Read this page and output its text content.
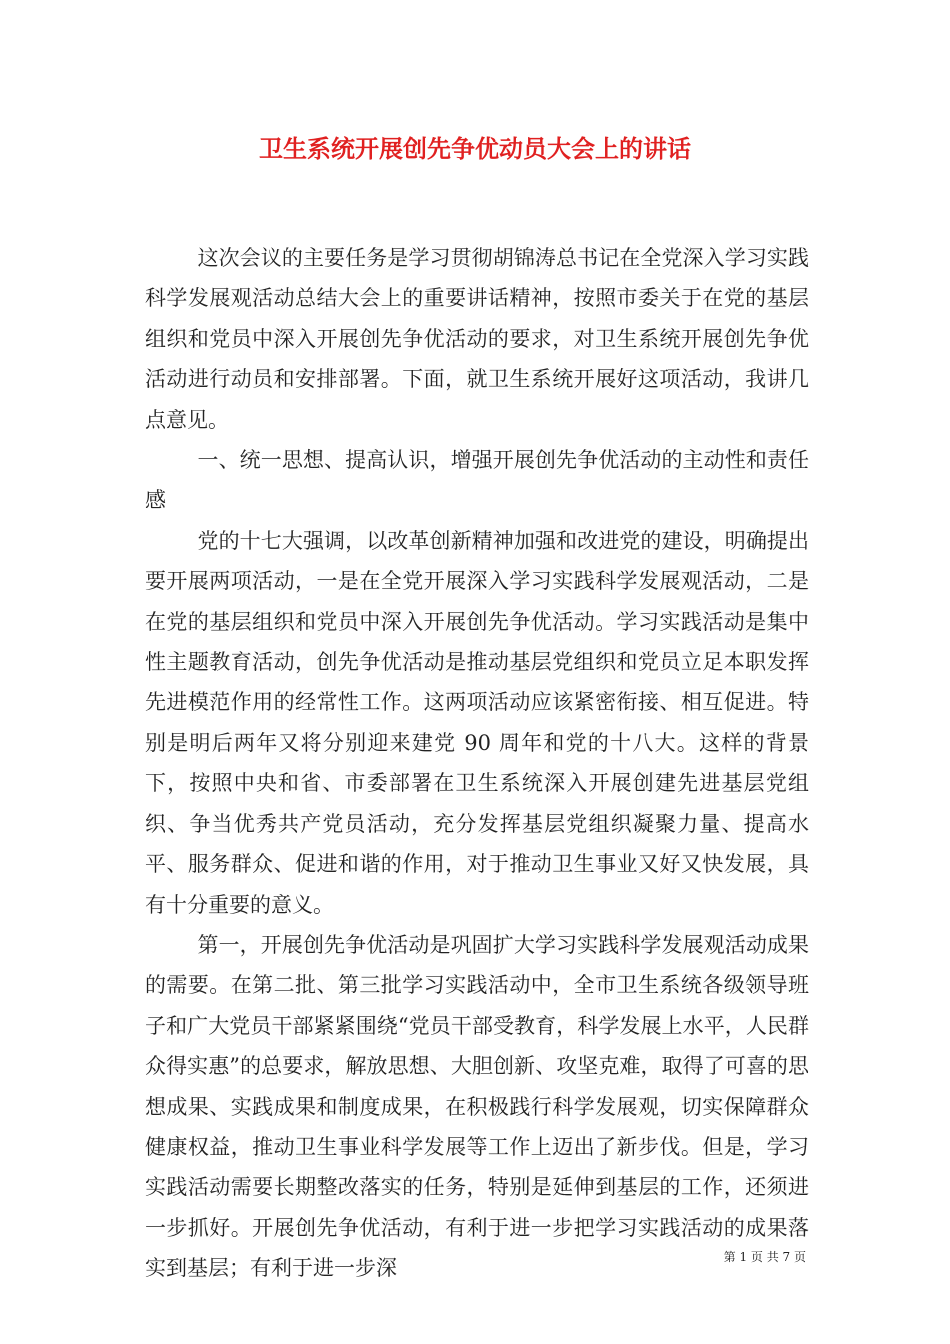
卫生系统开展创先争优动员大会上的讲话

这次会议的主要任务是学习贯彻胡锦涛总书记在全党深入学习实践科学发展观活动总结大会上的重要讲话精神，按照市委关于在党的基层组织和党员中深入开展创先争优活动的要求，对卫生系统开展创先争优活动进行动员和安排部署。下面，就卫生系统开展好这项活动，我讲几点意见。

一、统一思想、提高认识，增强开展创先争优活动的主动性和责任感

党的十七大强调，以改革创新精神加强和改进党的建设，明确提出要开展两项活动，一是在全党开展深入学习实践科学发展观活动，二是在党的基层组织和党员中深入开展创先争优活动。学习实践活动是集中性主题教育活动，创先争优活动是推动基层党组织和党员立足本职发挥先进模范作用的经常性工作。这两项活动应该紧密衔接、相互促进。特别是明后两年又将分别迎来建党 90 周年和党的十八大。这样的背景下，按照中央和省、市委部署在卫生系统深入开展创建先进基层党组织、争当优秀共产党员活动，充分发挥基层党组织凝聚力量、提高水平、服务群众、促进和谐的作用，对于推动卫生事业又好又快发展，具有十分重要的意义。

第一，开展创先争优活动是巩固扩大学习实践科学发展观活动成果的需要。在第二批、第三批学习实践活动中，全市卫生系统各级领导班子和广大党员干部紧紧围绕“党员干部受教育，科学发展上水平，人民群众得实惠”的总要求，解放思想、大胆创新、攻坚克难，取得了可喜的思想成果、实践成果和制度成果，在积极践行科学发展观，切实保障群众健康权益，推动卫生事业科学发展等工作上迈出了新步伐。但是，学习实践活动需要长期整改落实的任务，特别是延伸到基层的工作，还须进一步抓好。开展创先争优活动，有利于进一步把学习实践活动的成果落实到基层；有利于进一步深	第 1 页 共 7 页
